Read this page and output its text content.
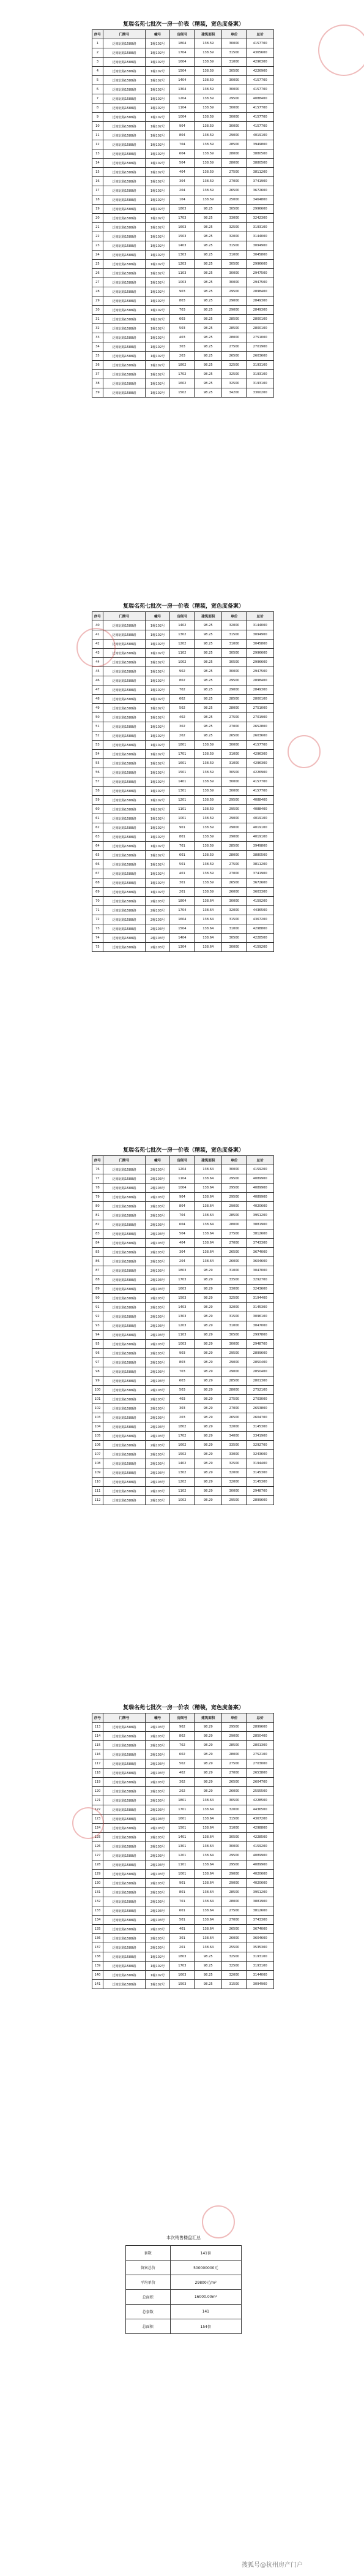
复瑞名苑七批次一房一价表（精装，宽色度备案）
序号	门牌号	幢号	房间号	建筑面积	单价	总价
1	泛塘北路1588路	1幢102号	1804	138.59	30000	4157700
2	泛塘北路1588路	1幢102号	1704	138.59	31500	4365600
3	泛塘北路1588路	1幢102号	1604	138.59	31000	4296300
4	泛塘北路1588路	1幢102号	1504	138.59	30500	4226900
5	泛塘北路1588路	1幢102号	1404	138.59	30000	4157700
6	泛塘北路1588路	1幢102号	1304	138.59	30000	4157700
7	泛塘北路1588路	1幢102号	1204	138.59	29500	4088400
8	泛塘北路1588路	1幢102号	1104	138.59	30000	4157700
9	泛塘北路1588路	1幢102号	1004	138.59	30000	4157700
10	泛塘北路1588路	1幢102号	904	138.59	30000	4157700
11	泛塘北路1588路	1幢102号	804	138.59	29000	4019100
12	泛塘北路1588路	1幢102号	704	138.59	28500	3949800
13	泛塘北路1588路	1幢102号	604	138.59	28000	3880500
14	泛塘北路1588路	1幢102号	504	138.59	28000	3880500
15	泛塘北路1588路	1幢102号	404	138.59	27500	3811200
16	泛塘北路1588路	1幢102号	304	138.59	27000	3741900
17	泛塘北路1588路	1幢102号	204	138.59	26500	3672600
18	泛塘北路1588路	1幢102号	104	138.59	25000	3464800
19	泛塘北路1588路	1幢102号	1803	98.25	30500	2996600
20	泛塘北路1588路	1幢102号	1703	98.25	33000	3242300
21	泛塘北路1588路	1幢102号	1603	98.25	32500	3193100
22	泛塘北路1588路	1幢102号	1503	98.25	32000	3144000
23	泛塘北路1588路	1幢102号	1403	98.25	31500	3094900
24	泛塘北路1588路	1幢102号	1303	98.25	31000	3045800
25	泛塘北路1588路	1幢102号	1203	98.25	30500	2996600
26	泛塘北路1588路	1幢102号	1103	98.25	30000	2947500
27	泛塘北路1588路	1幢102号	1003	98.25	30000	2947500
28	泛塘北路1588路	1幢102号	903	98.25	29500	2898400
29	泛塘北路1588路	1幢102号	803	98.25	29000	2849300
30	泛塘北路1588路	1幢102号	703	98.25	29000	2849300
31	泛塘北路1588路	1幢102号	603	98.25	28500	2800100
32	泛塘北路1588路	1幢102号	503	98.25	28500	2800100
33	泛塘北路1588路	1幢102号	403	98.25	28000	2751000
34	泛塘北路1588路	1幢102号	303	98.25	27500	2701900
35	泛塘北路1588路	1幢102号	203	98.25	26500	2603600
36	泛塘北路1588路	1幢102号	1802	98.25	32500	3193100
37	泛塘北路1588路	1幢102号	1702	98.25	32500	3193100
38	泛塘北路1588路	1幢102号	1602	98.25	32500	3193100
39	泛塘北路1588路	1幢102号	1502	98.25	34200	3360200
复瑞名苑七批次一房一价表（精装，宽色度备案）
序号	门牌号	幢号	房间号	建筑面积	单价	总价
40	泛塘北路1588路	1幢102号	1402	98.25	32000	3144000
41	泛塘北路1588路	1幢102号	1302	98.25	31500	3094900
42	泛塘北路1588路	1幢102号	1202	98.25	31000	3045800
43	泛塘北路1588路	1幢102号	1102	98.25	30500	2996600
44	泛塘北路1588路	1幢102号	1002	98.25	30500	2996600
45	泛塘北路1588路	1幢102号	902	98.25	30000	2947500
46	泛塘北路1588路	1幢102号	802	98.25	29500	2898400
47	泛塘北路1588路	1幢102号	702	98.25	29000	2849300
48	泛塘北路1588路	1幢102号	602	98.25	28500	2800100
49	泛塘北路1588路	1幢102号	502	98.25	28000	2751000
50	泛塘北路1588路	1幢102号	402	98.25	27500	2701900
51	泛塘北路1588路	1幢102号	302	98.25	27000	2652800
52	泛塘北路1588路	1幢102号	202	98.25	26500	2603600
53	泛塘北路1588路	1幢102号	1801	138.59	30000	4157700
54	泛塘北路1588路	1幢102号	1701	138.59	31000	4296300
55	泛塘北路1588路	1幢102号	1601	138.59	31000	4296300
56	泛塘北路1588路	1幢102号	1501	138.59	30500	4226900
57	泛塘北路1588路	1幢102号	1401	138.59	30000	4157700
58	泛塘北路1588路	1幢102号	1301	138.59	30000	4157700
59	泛塘北路1588路	1幢102号	1201	138.59	29500	4088400
60	泛塘北路1588路	1幢102号	1101	138.59	29500	4088400
61	泛塘北路1588路	1幢102号	1001	138.59	29000	4019100
62	泛塘北路1588路	1幢102号	901	138.59	29000	4019100
63	泛塘北路1588路	1幢102号	801	138.59	29000	4019100
64	泛塘北路1588路	1幢102号	701	138.59	28500	3949800
65	泛塘北路1588路	1幢102号	601	138.59	28000	3880500
66	泛塘北路1588路	1幢102号	501	138.59	27500	3811200
67	泛塘北路1588路	1幢102号	401	138.59	27000	3741900
68	泛塘北路1588路	1幢102号	301	138.59	26500	3672600
69	泛塘北路1588路	1幢102号	201	138.59	26000	3603300
70	泛塘北路1588路	2幢103号	1804	138.64	30000	4159200
71	泛塘北路1588路	2幢103号	1704	138.64	32000	4436500
72	泛塘北路1588路	2幢103号	1604	138.64	31500	4367200
73	泛塘北路1588路	2幢103号	1504	138.64	31000	4298800
74	泛塘北路1588路	2幢103号	1404	138.64	30500	4228500
75	泛塘北路1588路	2幢103号	1304	138.64	30000	4159200
复瑞名苑七批次一房一价表（精装，宽色度备案）
序号	门牌号	幢号	房间号	建筑面积	单价	总价
76	泛塘北路1588路	2幢103号	1204	138.64	30000	4159200
77	泛塘北路1588路	2幢103号	1104	138.64	29500	4089900
78	泛塘北路1588路	2幢103号	1004	138.64	29500	4089900
79	泛塘北路1588路	2幢103号	904	138.64	29500	4089900
80	泛塘北路1588路	2幢103号	804	138.64	29000	4020600
81	泛塘北路1588路	2幢103号	704	138.64	28500	3951200
82	泛塘北路1588路	2幢103号	604	138.64	28000	3881900
83	泛塘北路1588路	2幢103号	504	138.64	27500	3812600
84	泛塘北路1588路	2幢103号	404	138.64	27000	3743300
85	泛塘北路1588路	2幢103号	304	138.64	26500	3674000
86	泛塘北路1588路	2幢103号	204	138.64	26000	3604600
87	泛塘北路1588路	2幢103号	1803	98.29	31000	3047000
88	泛塘北路1588路	2幢103号	1703	98.29	33500	3292700
89	泛塘北路1588路	2幢103号	1603	98.29	33000	3243600
90	泛塘北路1588路	2幢103号	1503	98.29	32500	3194400
91	泛塘北路1588路	2幢103号	1403	98.29	32000	3145300
92	泛塘北路1588路	2幢103号	1303	98.29	31500	3096100
93	泛塘北路1588路	2幢103号	1203	98.29	31000	3047000
94	泛塘北路1588路	2幢103号	1103	98.29	30500	2997800
95	泛塘北路1588路	2幢103号	1003	98.29	30000	2948700
96	泛塘北路1588路	2幢103号	903	98.29	29500	2899600
97	泛塘北路1588路	2幢103号	803	98.29	29000	2850400
98	泛塘北路1588路	2幢103号	703	98.29	29000	2850400
99	泛塘北路1588路	2幢103号	603	98.29	28500	2801300
100	泛塘北路1588路	2幢103号	503	98.29	28000	2752100
101	泛塘北路1588路	2幢103号	403	98.29	27500	2703000
102	泛塘北路1588路	2幢103号	303	98.29	27000	2653800
103	泛塘北路1588路	2幢103号	203	98.29	26500	2604700
104	泛塘北路1588路	2幢103号	1802	98.29	32000	3145300
105	泛塘北路1588路	2幢103号	1702	98.29	34000	3341900
106	泛塘北路1588路	2幢103号	1602	98.29	33500	3292700
107	泛塘北路1588路	2幢103号	1502	98.29	33000	3243600
108	泛塘北路1588路	2幢103号	1402	98.29	32500	3194400
109	泛塘北路1588路	2幢103号	1302	98.29	32000	3145300
110	泛塘北路1588路	2幢103号	1202	98.29	32000	3145300
111	泛塘北路1588路	2幢103号	1102	98.29	30000	2948700
112	泛塘北路1588路	2幢103号	1002	98.29	29500	2899600
复瑞名苑七批次一房一价表（精装，宽色度备案）
序号	门牌号	幢号	房间号	建筑面积	单价	总价
113	泛塘北路1588路	2幢103号	902	98.29	29500	2899600
114	泛塘北路1588路	2幢103号	802	98.29	29000	2850400
115	泛塘北路1588路	2幢103号	702	98.29	28500	2801300
116	泛塘北路1588路	2幢103号	602	98.29	28000	2752100
117	泛塘北路1588路	2幢103号	502	98.29	27500	2703000
118	泛塘北路1588路	2幢103号	402	98.29	27000	2653800
119	泛塘北路1588路	2幢103号	302	98.29	26500	2604700
120	泛塘北路1588路	2幢103号	202	98.29	26000	2555500
121	泛塘北路1588路	2幢103号	1801	138.64	30500	4228500
122	泛塘北路1588路	2幢103号	1701	138.64	32000	4436500
123	泛塘北路1588路	2幢103号	1601	138.64	31500	4367200
124	泛塘北路1588路	2幢103号	1501	138.64	31000	4298800
125	泛塘北路1588路	2幢103号	1401	138.64	30500	4228500
126	泛塘北路1588路	2幢103号	1301	138.64	30000	4159200
127	泛塘北路1588路	2幢103号	1201	138.64	29500	4089900
128	泛塘北路1588路	2幢103号	1101	138.64	29500	4089900
129	泛塘北路1588路	2幢103号	1001	138.64	29000	4020600
130	泛塘北路1588路	2幢103号	901	138.64	29000	4020600
131	泛塘北路1588路	2幢103号	801	138.64	28500	3951200
132	泛塘北路1588路	2幢103号	701	138.64	28000	3881900
133	泛塘北路1588路	2幢103号	601	138.64	27500	3812600
134	泛塘北路1588路	2幢103号	501	138.64	27000	3743300
135	泛塘北路1588路	2幢103号	401	138.64	26500	3674000
136	泛塘北路1588路	2幢103号	301	138.64	26000	3604600
137	泛塘北路1588路	2幢103号	201	138.64	25500	3535300
138	泛塘北路1588路	1幢102号	1803	98.25	32500	3193100
139	泛塘北路1588路	1幢102号	1703	98.25	32500	3193100
140	泛塘北路1588路	1幢102号	1603	98.25	32000	3144000
141	泛塘北路1588路	1幢102号	1503	98.25	31500	3094900
本次销售楼盘汇总
套数	141套
备案总价	500000000元
平均单价	29800元/m²
总面积	16000.00m²
总套数	141
总面积	154套
搜狐号@杭州房产门户
